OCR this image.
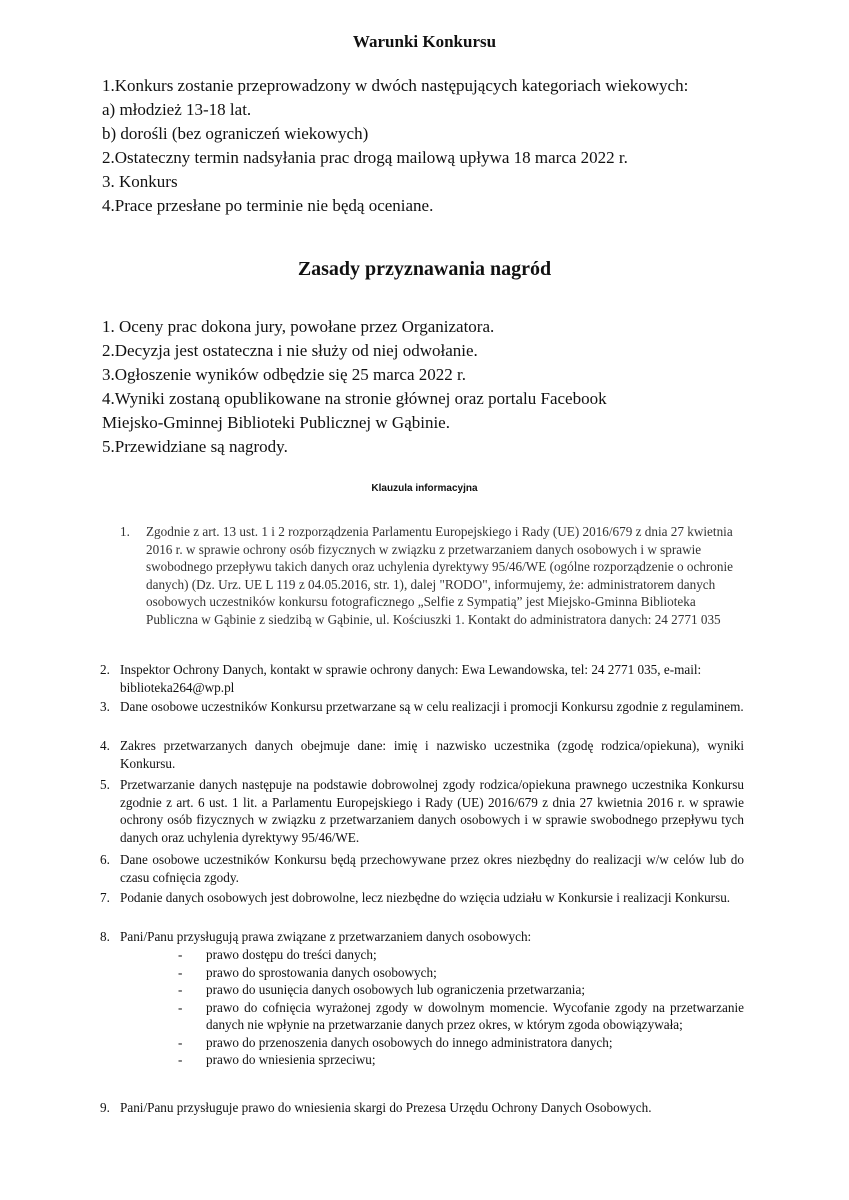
Warunki Konkursu
1.Konkurs zostanie przeprowadzony w dwóch następujących kategoriach wiekowych:
a) młodzież 13-18 lat.
b) dorośli (bez ograniczeń wiekowych)
2.Ostateczny termin nadsyłania prac drogą mailową upływa 18 marca 2022 r.
3. Konkurs
4.Prace przesłane po terminie nie będą oceniane.
Zasady przyznawania nagród
1. Oceny prac dokona jury, powołane przez Organizatora.
2.Decyzja jest ostateczna i nie służy od niej odwołanie.
3.Ogłoszenie wyników odbędzie się 25 marca 2022 r.
4.Wyniki zostaną opublikowane na stronie głównej oraz portalu Facebook
Miejsko-Gminnej Biblioteki Publicznej w Gąbinie.
5.Przewidziane są nagrody.
Klauzula informacyjna
1.	Zgodnie z art. 13 ust. 1 i 2 rozporządzenia Parlamentu Europejskiego i Rady (UE) 2016/679 z dnia 27 kwietnia 2016 r. w sprawie ochrony osób fizycznych w związku z przetwarzaniem danych osobowych i w sprawie swobodnego przepływu takich danych oraz uchylenia dyrektywy 95/46/WE (ogólne rozporządzenie o ochronie danych) (Dz. Urz. UE L 119 z 04.05.2016, str. 1), dalej "RODO", informujemy, że: administratorem danych osobowych uczestników konkursu fotograficznego „Selfie z Sympatią” jest Miejsko-Gminna Biblioteka Publiczna w Gąbinie z siedzibą w Gąbinie, ul. Kościuszki 1. Kontakt do administratora danych: 24 2771 035
2. Inspektor Ochrony Danych, kontakt w sprawie ochrony danych: Ewa Lewandowska, tel: 24 2771 035, e-mail: biblioteka264@wp.pl
3. Dane osobowe uczestników Konkursu przetwarzane są w celu realizacji i promocji Konkursu zgodnie z regulaminem.
4. Zakres przetwarzanych danych obejmuje dane: imię i nazwisko uczestnika (zgodę rodzica/opiekuna), wyniki Konkursu.
5. Przetwarzanie danych następuje na podstawie dobrowolnej zgody rodzica/opiekuna prawnego uczestnika Konkursu zgodnie z art. 6 ust. 1 lit. a Parlamentu Europejskiego i Rady (UE) 2016/679 z dnia 27 kwietnia 2016 r. w sprawie ochrony osób fizycznych w związku z przetwarzaniem danych osobowych i w sprawie swobodnego przepływu tych danych oraz uchylenia dyrektywy 95/46/WE.
6. Dane osobowe uczestników Konkursu będą przechowywane przez okres niezbędny do realizacji w/w celów lub do czasu cofnięcia zgody.
7. Podanie danych osobowych jest dobrowolne, lecz niezbędne do wzięcia udziału w Konkursie i realizacji Konkursu.
8. Pani/Panu przysługują prawa związane z przetwarzaniem danych osobowych:
- prawo dostępu do treści danych;
- prawo do sprostowania danych osobowych;
- prawo do usunięcia danych osobowych lub ograniczenia przetwarzania;
- prawo do cofnięcia wyrażonej zgody w dowolnym momencie. Wycofanie zgody na przetwarzanie danych nie wpłynie na przetwarzanie danych przez okres, w którym zgoda obowiązywała;
- prawo do przenoszenia danych osobowych do innego administratora danych;
- prawo do wniesienia sprzeciwu;
9. Pani/Panu przysługuje prawo do wniesienia skargi do Prezesa Urzędu Ochrony Danych Osobowych.
